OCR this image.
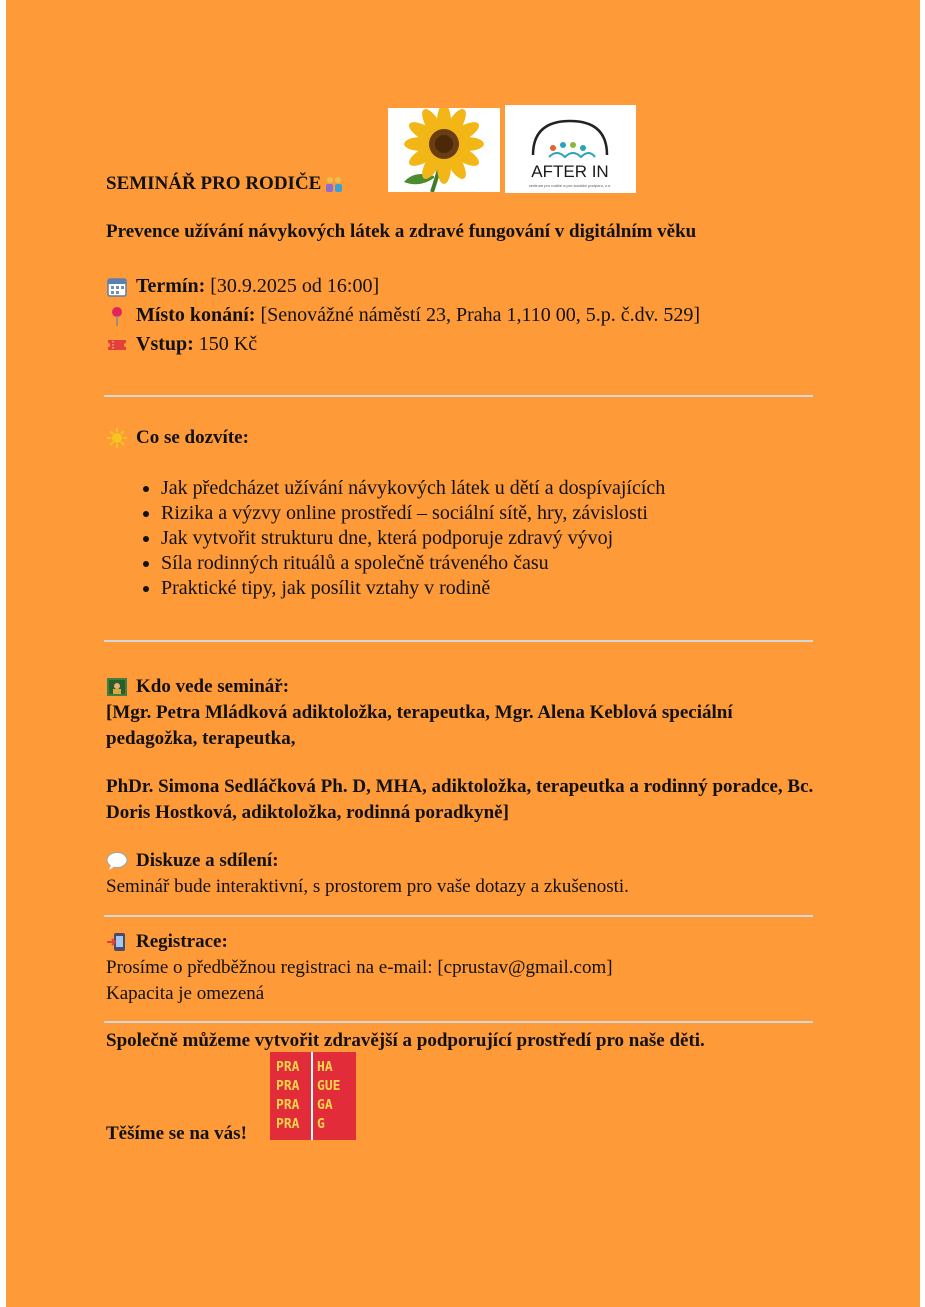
AFTER IN
centrum pro rodiče a pro sociální podporu, z.s.
SEMINÁŘ PRO RODIČE
Prevence užívání návykových látek a zdravé fungování v digitálním věku
Termín: [30.9.2025 od 16:00]
Místo konání: [Senovážné náměstí 23, Praha 1,110 00, 5.p. č.dv. 529]
Vstup: 150 Kč
Co se dozvíte:
• Jak předcházet užívání návykových látek u dětí a dospívajících
• Rizika a výzvy online prostředí – sociální sítě, hry, závislosti
• Jak vytvořit strukturu dne, která podporuje zdravý vývoj
• Síla rodinných rituálů a společně tráveného času
• Praktické tipy, jak posílit vztahy v rodině
Kdo vede seminář:
[Mgr. Petra Mládková adiktoložka, terapeutka, Mgr. Alena Keblová speciální pedagožka, terapeutka,
PhDr. Simona Sedláčková Ph. D, MHA, adiktoložka, terapeutka a rodinný poradce, Bc. Doris Hostková, adiktoložka, rodinná poradkyně]
Diskuze a sdílení:
Seminář bude interaktivní, s prostorem pro vaše dotazy a zkušenosti.
Registrace:
Prosíme o předběžnou registraci na e-mail: [cprustav@gmail.com]
Kapacita je omezená
Společně můžeme vytvořit zdravější a podporující prostředí pro naše děti.
Těšíme se na vás!
PRA
PRA
PRA
PRA
HA
GUE
GA
G
